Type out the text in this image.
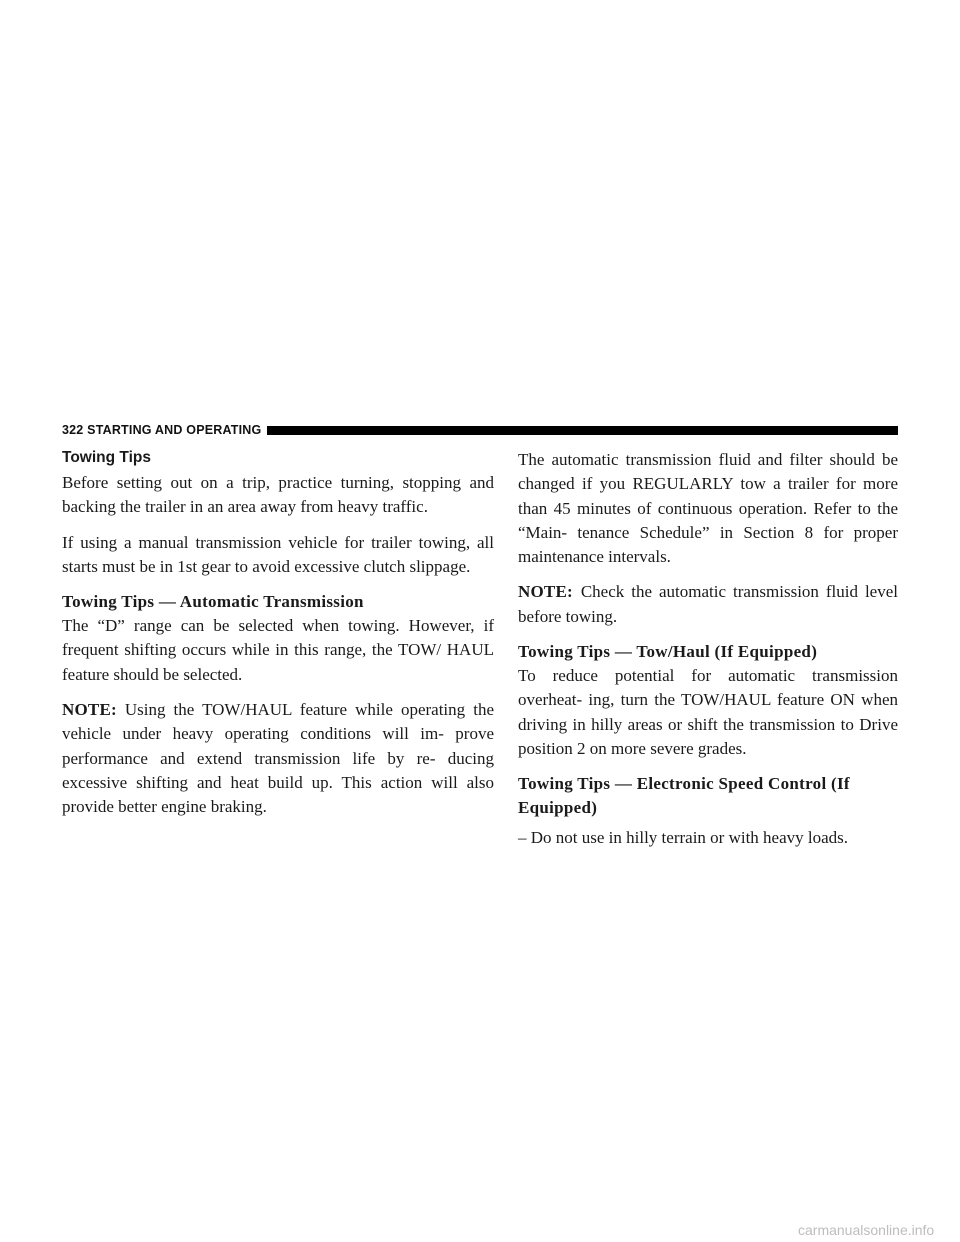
322 STARTING AND OPERATING
Towing Tips

Before setting out on a trip, practice turning, stopping and backing the trailer in an area away from heavy traffic.

If using a manual transmission vehicle for trailer towing, all starts must be in 1st gear to avoid excessive clutch slippage.

Towing Tips — Automatic Transmission

The “D” range can be selected when towing. However, if frequent shifting occurs while in this range, the TOW/ HAUL feature should be selected.

NOTE: Using the TOW/HAUL feature while operating the vehicle under heavy operating conditions will im- prove performance and extend transmission life by re- ducing excessive shifting and heat build up. This action will also provide better engine braking.

The automatic transmission fluid and filter should be changed if you REGULARLY tow a trailer for more than 45 minutes of continuous operation. Refer to the “Main- tenance Schedule” in Section 8 for proper maintenance intervals.

NOTE: Check the automatic transmission fluid level before towing.

Towing Tips — Tow/Haul (If Equipped)

To reduce potential for automatic transmission overheat- ing, turn the TOW/HAUL feature ON when driving in hilly areas or shift the transmission to Drive position 2 on more severe grades.

Towing Tips — Electronic Speed Control (If Equipped)

– Do not use in hilly terrain or with heavy loads.

carmanualsonline.info
